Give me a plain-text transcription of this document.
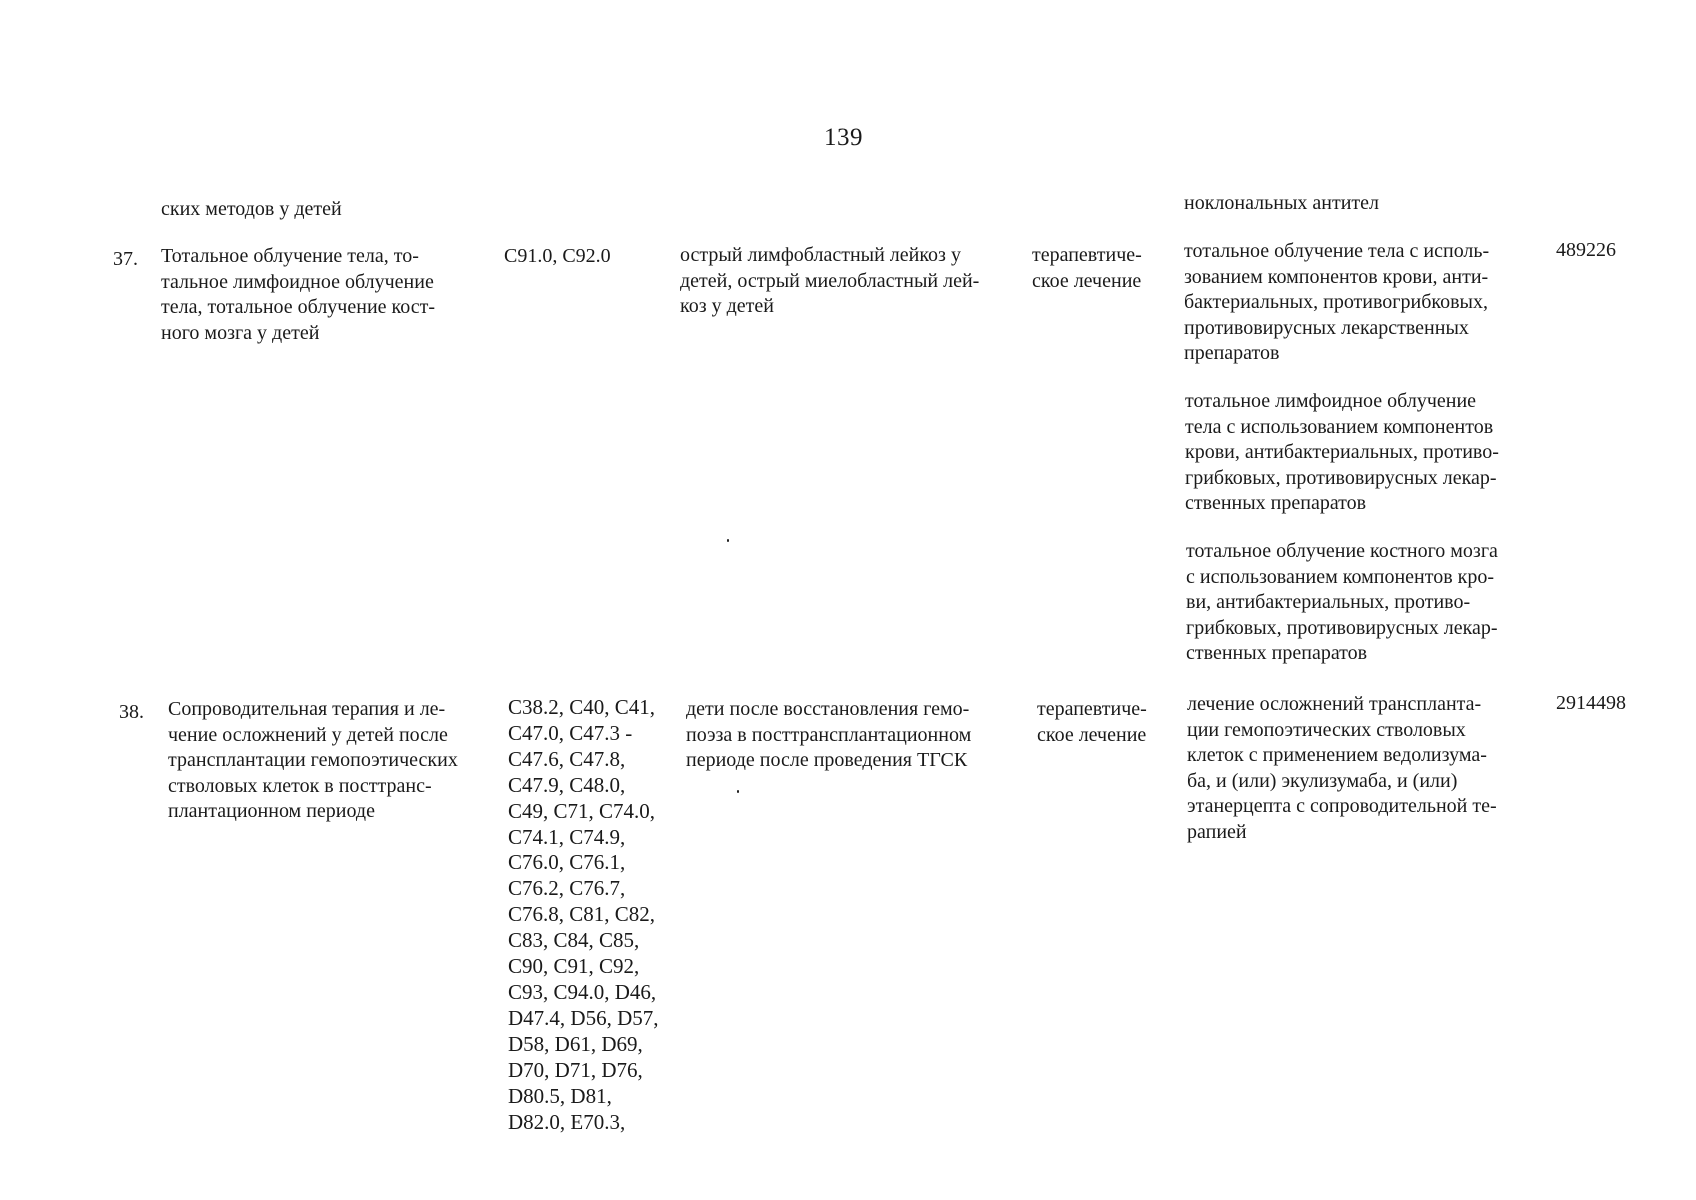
139
ских методов у детей	ноклональных антител
37. Тотальное облучение тела, то-
тальное лимфоидное облучение
тела, тотальное облучение кост-
ного мозга у детей
C91.0, C92.0	острый лимфобластный лейкоз у
детей, острый миелобластный лей-
коз у детей
терапевтиче-
ское лечение
тотальное облучение тела с исполь-
зованием компонентов крови, анти-
бактериальных, противогрибковых,
противовирусных лекарственных
препаратов
тотальное лимфоидное облучение
тела с использованием компонентов
крови, антибактериальных, противо-
грибковых, противовирусных лекар-
ственных препаратов
тотальное облучение костного мозга
с использованием компонентов кро-
ви, антибактериальных, противо-
грибковых, противовирусных лекар-
ственных препаратов
489226
38. Сопроводительная терапия и ле-
чение осложнений у детей после
трансплантации гемопоэтических
стволовых клеток в посттранс-
плантационном периоде
C38.2, C40, C41,
C47.0, C47.3 -
C47.6, C47.8,
C47.9, C48.0,
C49, C71, C74.0,
C74.1, C74.9,
C76.0, C76.1,
C76.2, C76.7,
C76.8, C81, C82,
C83, C84, C85,
C90, C91, C92,
C93, C94.0, D46,
D47.4, D56, D57,
D58, D61, D69,
D70, D71, D76,
D80.5, D81,
D82.0, E70.3,
дети после восстановления гемо-
поэза в посттрансплантационном
периоде после проведения ТГСК
терапевтиче-
ское лечение
лечение осложнений транспланта-
ции гемопоэтических стволовых
клеток с применением ведолизума-
ба, и (или) экулизумаба, и (или)
этанерцепта с сопроводительной те-
рапией
2914498
